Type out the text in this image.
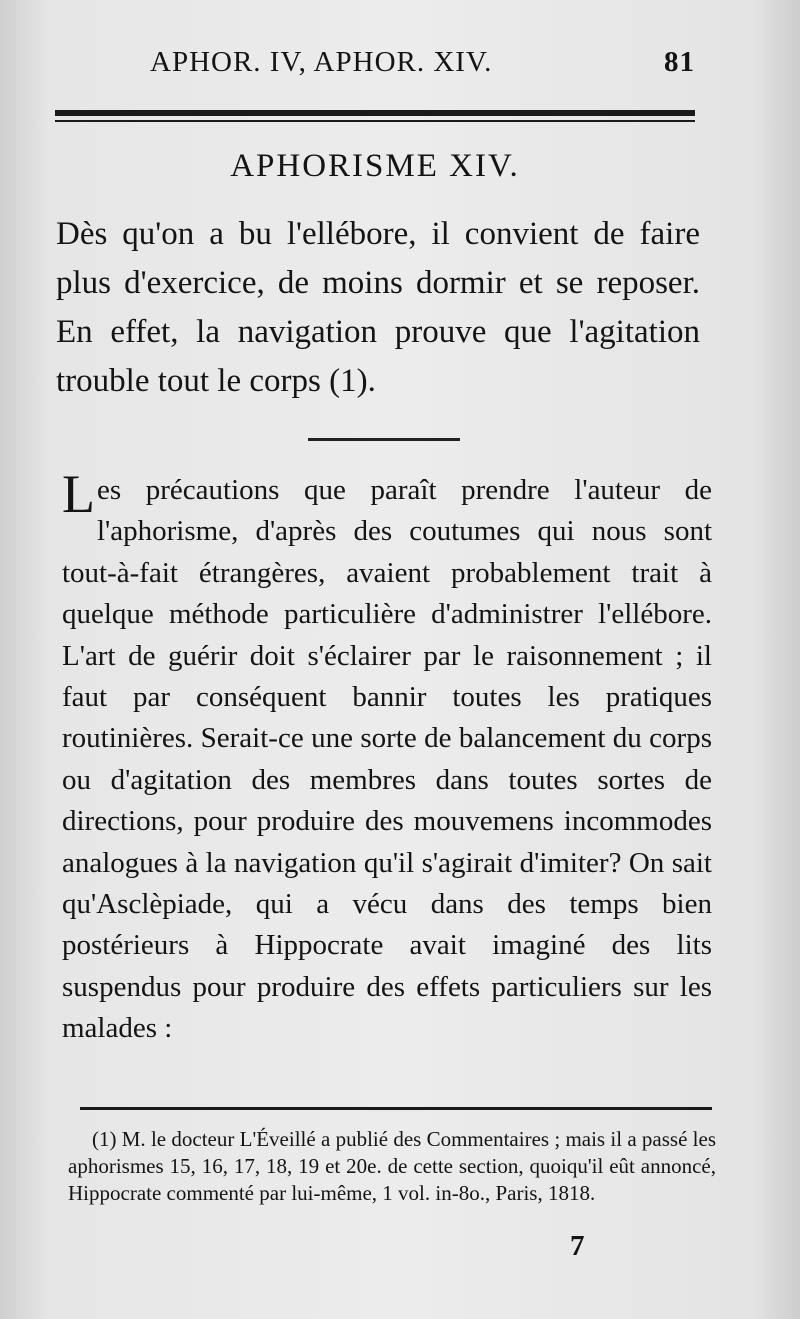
APHOR. IV, APHOR. XIV.	81
APHORISME XIV.

Dès qu'on a bu l'ellébore, il convient de faire plus d'exercice, de moins dormir et se reposer. En effet, la navigation prouve que l'agitation trouble tout le corps (1).

Les précautions que paraît prendre l'auteur de l'aphorisme, d'après des coutumes qui nous sont tout-à-fait étrangères, avaient probablement trait à quelque méthode particulière d'administrer l'ellébore. L'art de guérir doit s'éclairer par le raisonnement ; il faut par conséquent bannir toutes les pratiques routinières. Serait-ce une sorte de balancement du corps ou d'agitation des membres dans toutes sortes de directions, pour produire des mouvemens incommodes analogues à la navigation qu'il s'agirait d'imiter? On sait qu'Asclèpiade, qui a vécu dans des temps bien postérieurs à Hippocrate avait imaginé des lits suspendus pour produire des effets particuliers sur les malades :
(1) M. le docteur L'Éveillé a publié des Commentaires ; mais il a passé les aphorismes 15, 16, 17, 18, 19 et 20e. de cette section, quoiqu'il eût annoncé, Hippocrate commenté par lui-même, 1 vol. in-8o., Paris, 1818.
7
